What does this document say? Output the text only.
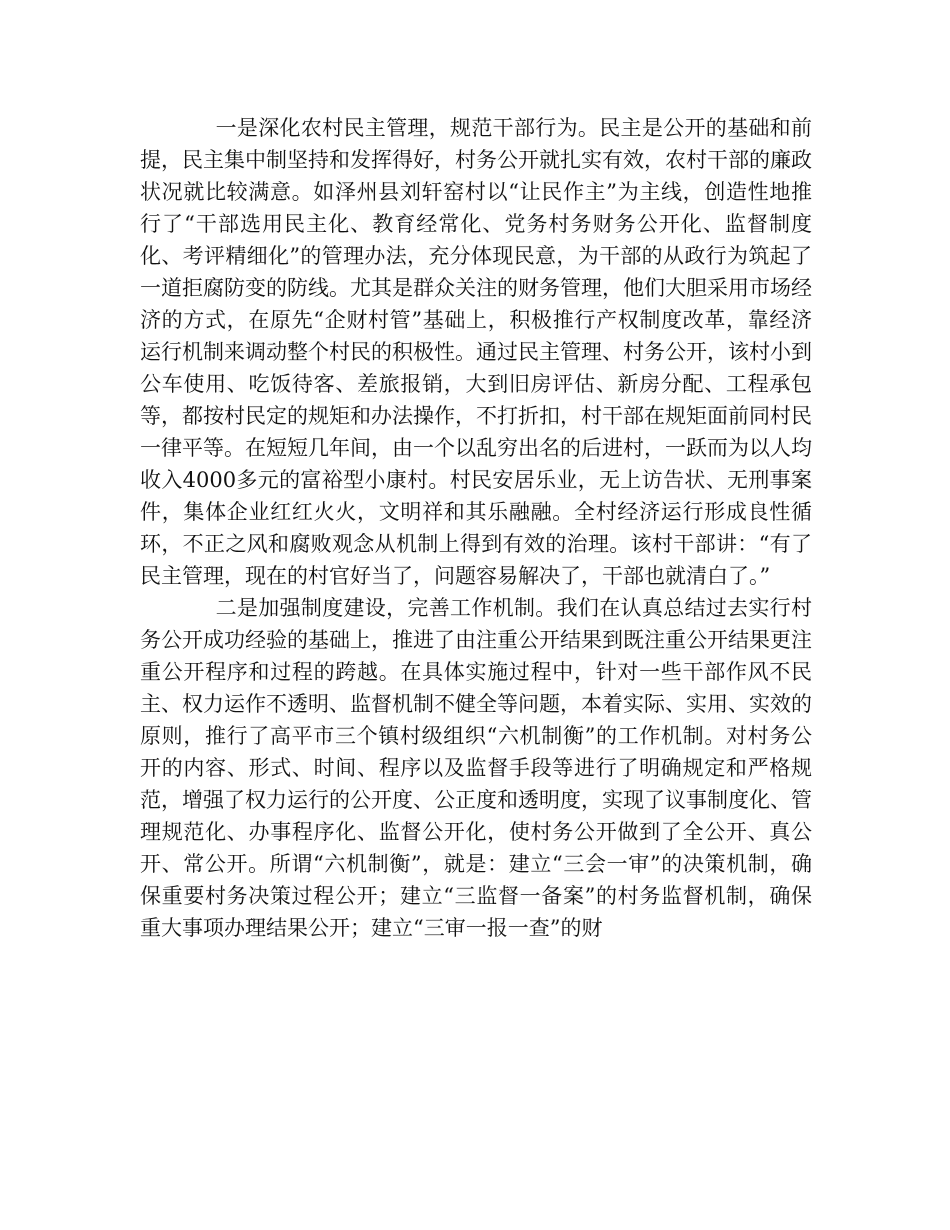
一是深化农村民主管理，规范干部行为。民主是公开的基础和前提，民主集中制坚持和发挥得好，村务公开就扎实有效，农村干部的廉政状况就比较满意。如泽州县刘轩窑村以“让民作主”为主线，创造性地推行了“干部选用民主化、教育经常化、党务村务财务公开化、监督制度化、考评精细化”的管理办法，充分体现民意，为干部的从政行为筑起了一道拒腐防变的防线。尤其是群众关注的财务管理，他们大胆采用市场经济的方式，在原先“企财村管”基础上，积极推行产权制度改革，靠经济运行机制来调动整个村民的积极性。通过民主管理、村务公开，该村小到公车使用、吃饭待客、差旅报销，大到旧房评估、新房分配、工程承包等，都按村民定的规矩和办法操作，不打折扣，村干部在规矩面前同村民一律平等。在短短几年间，由一个以乱穷出名的后进村，一跃而为以人均收入4000多元的富裕型小康村。村民安居乐业，无上访告状、无刑事案件，集体企业红红火火，文明祥和其乐融融。全村经济运行形成良性循环，不正之风和腐败观念从机制上得到有效的治理。该村干部讲：“有了民主管理，现在的村官好当了，问题容易解决了，干部也就清白了。”

二是加强制度建设，完善工作机制。我们在认真总结过去实行村务公开成功经验的基础上，推进了由注重公开结果到既注重公开结果更注重公开程序和过程的跨越。在具体实施过程中，针对一些干部作风不民主、权力运作不透明、监督机制不健全等问题，本着实际、实用、实效的原则，推行了高平市三个镇村级组织“六机制衡”的工作机制。对村务公开的内容、形式、时间、程序以及监督手段等进行了明确规定和严格规范，增强了权力运行的公开度、公正度和透明度，实现了议事制度化、管理规范化、办事程序化、监督公开化，使村务公开做到了全公开、真公开、常公开。所谓“六机制衡”，就是：建立“三会一审”的决策机制，确保重要村务决策过程公开；建立“三监督一备案”的村务监督机制，确保重大事项办理结果公开；建立“三审一报一查”的财
